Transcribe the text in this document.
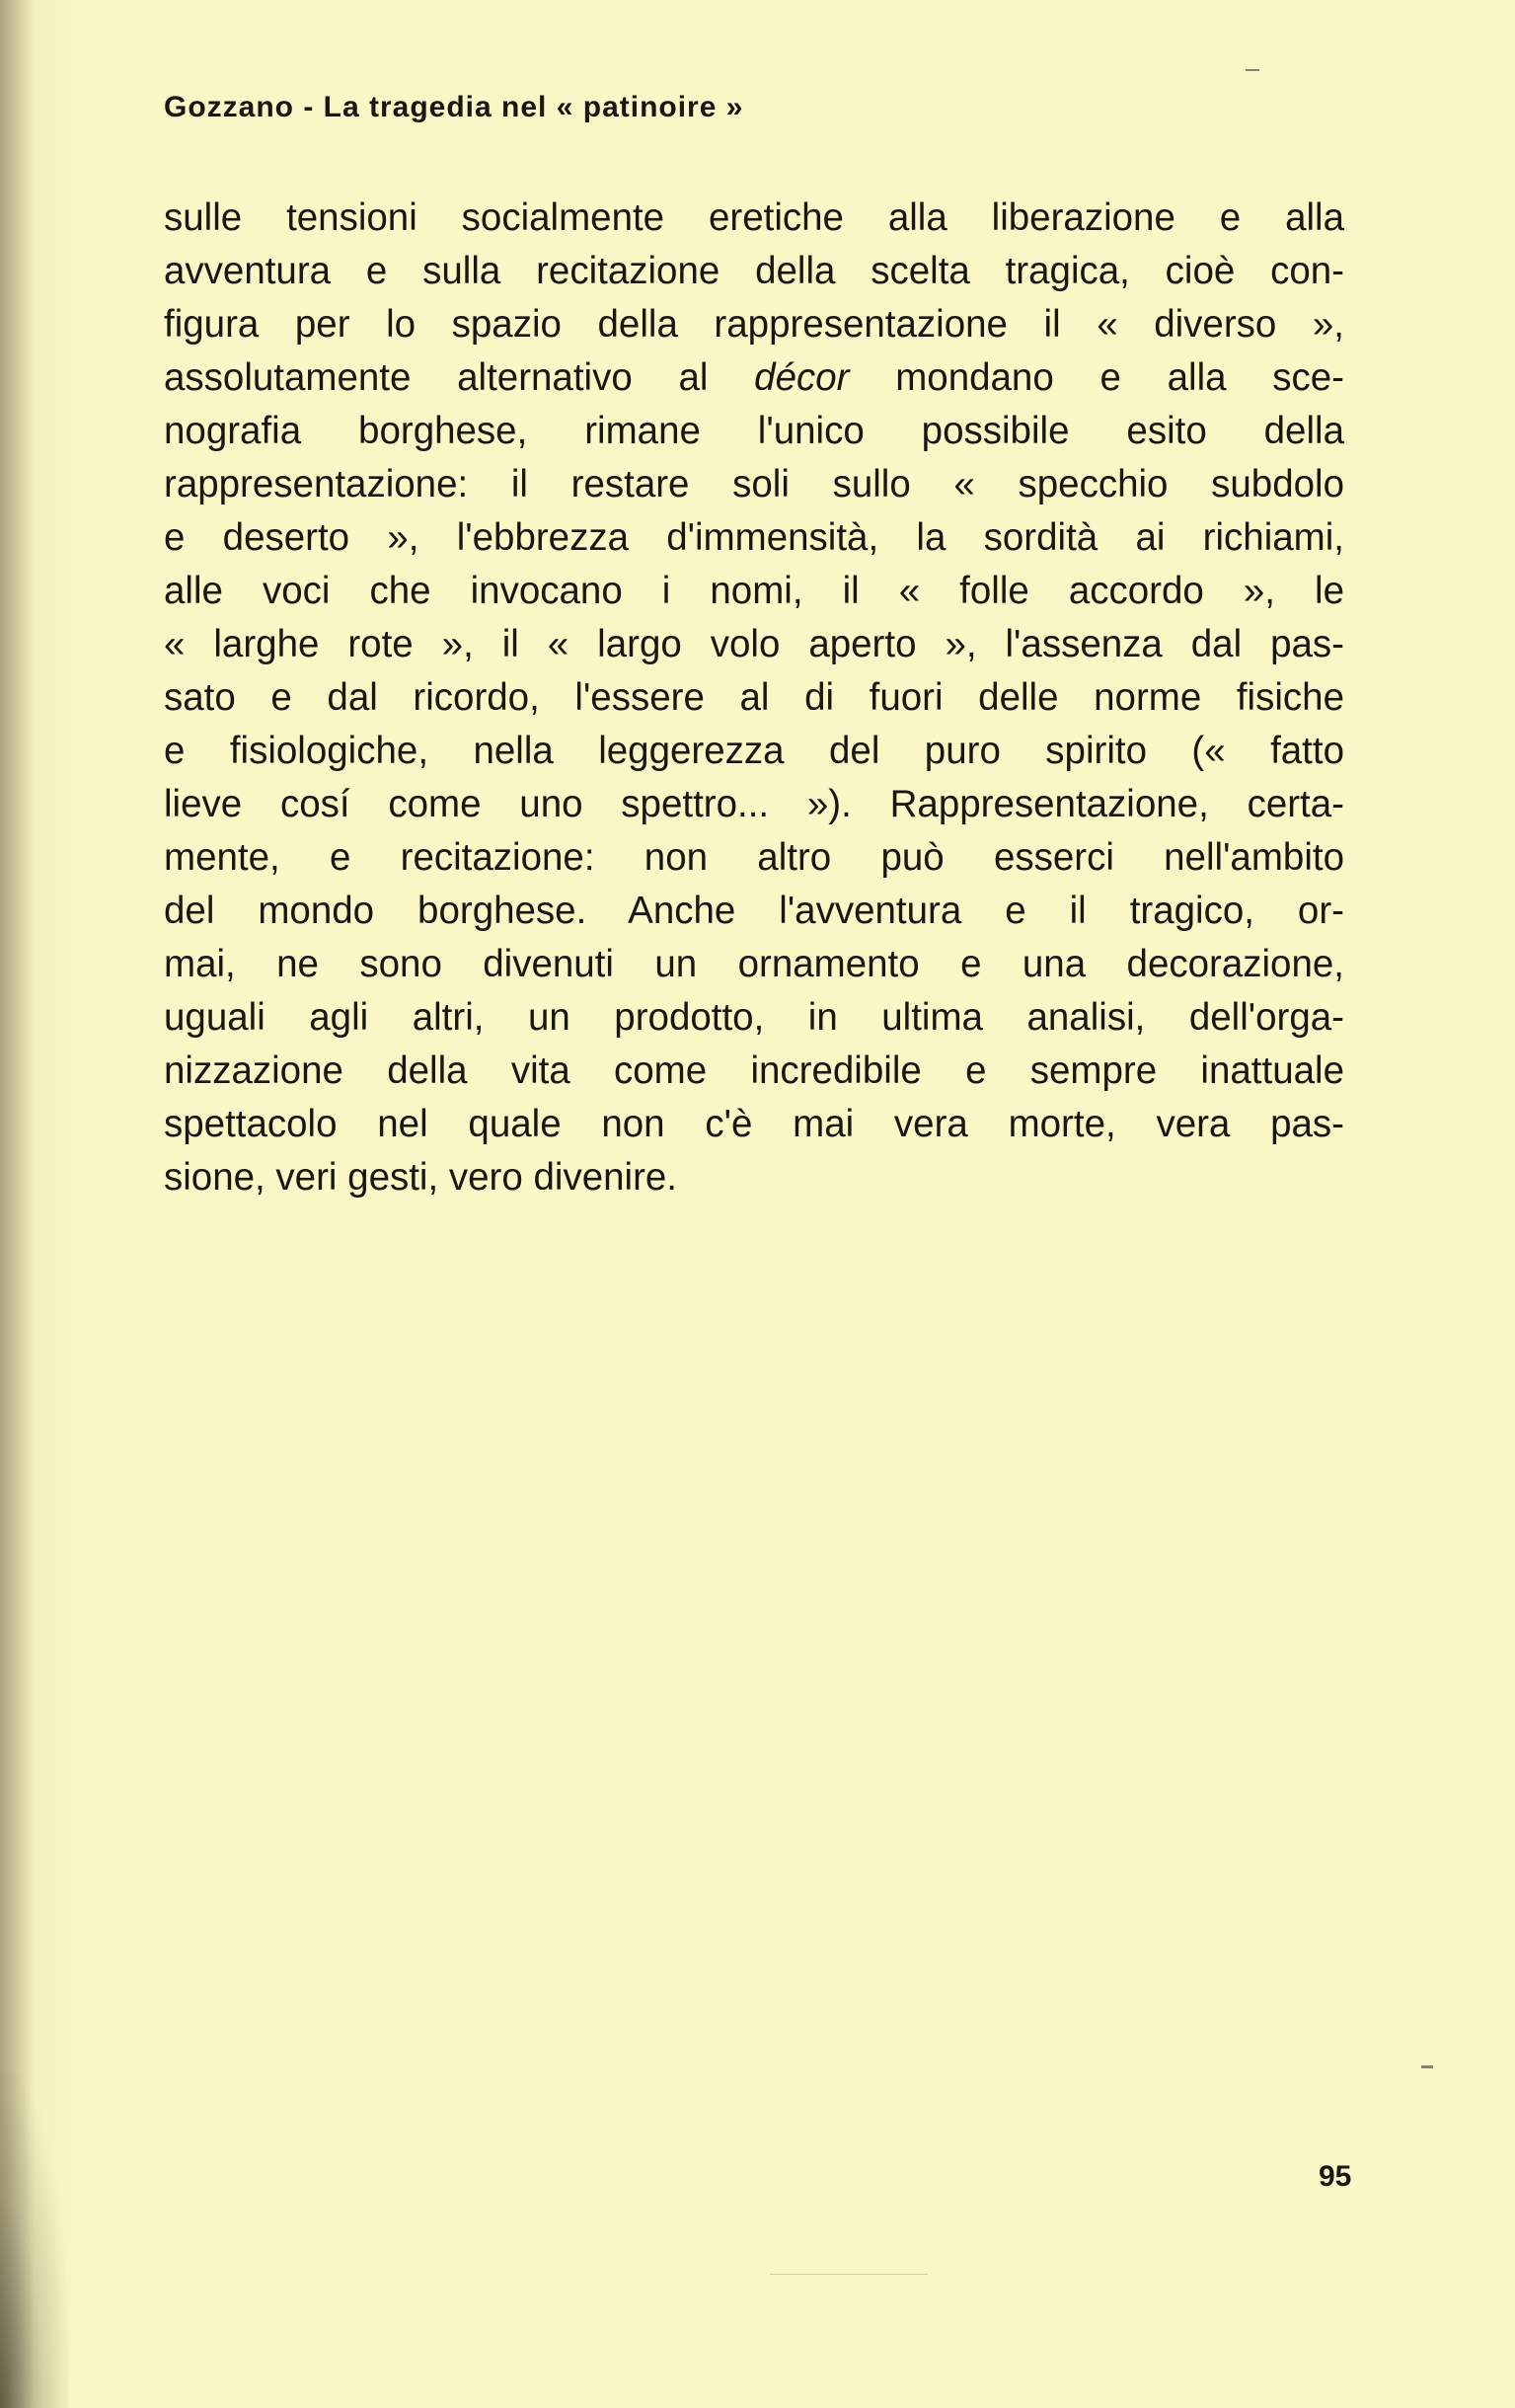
Gozzano - La tragedia nel « patinoire »
sulle tensioni socialmente eretiche alla liberazione e alla
avventura e sulla recitazione della scelta tragica, cioè con-
figura per lo spazio della rappresentazione il « diverso »,
assolutamente alternativo al décor mondano e alla sce-
nografia borghese, rimane l'unico possibile esito della
rappresentazione: il restare soli sullo « specchio subdolo
e deserto », l'ebbrezza d'immensità, la sordità ai richiami,
alle voci che invocano i nomi, il « folle accordo », le
« larghe rote », il « largo volo aperto », l'assenza dal pas-
sato e dal ricordo, l'essere al di fuori delle norme fisiche
e fisiologiche, nella leggerezza del puro spirito (« fatto
lieve cosí come uno spettro... »). Rappresentazione, certa-
mente, e recitazione: non altro può esserci nell'ambito
del mondo borghese. Anche l'avventura e il tragico, or-
mai, ne sono divenuti un ornamento e una decorazione,
uguali agli altri, un prodotto, in ultima analisi, dell'orga-
nizzazione della vita come incredibile e sempre inattuale
spettacolo nel quale non c'è mai vera morte, vera pas-
sione, veri gesti, vero divenire.
95
